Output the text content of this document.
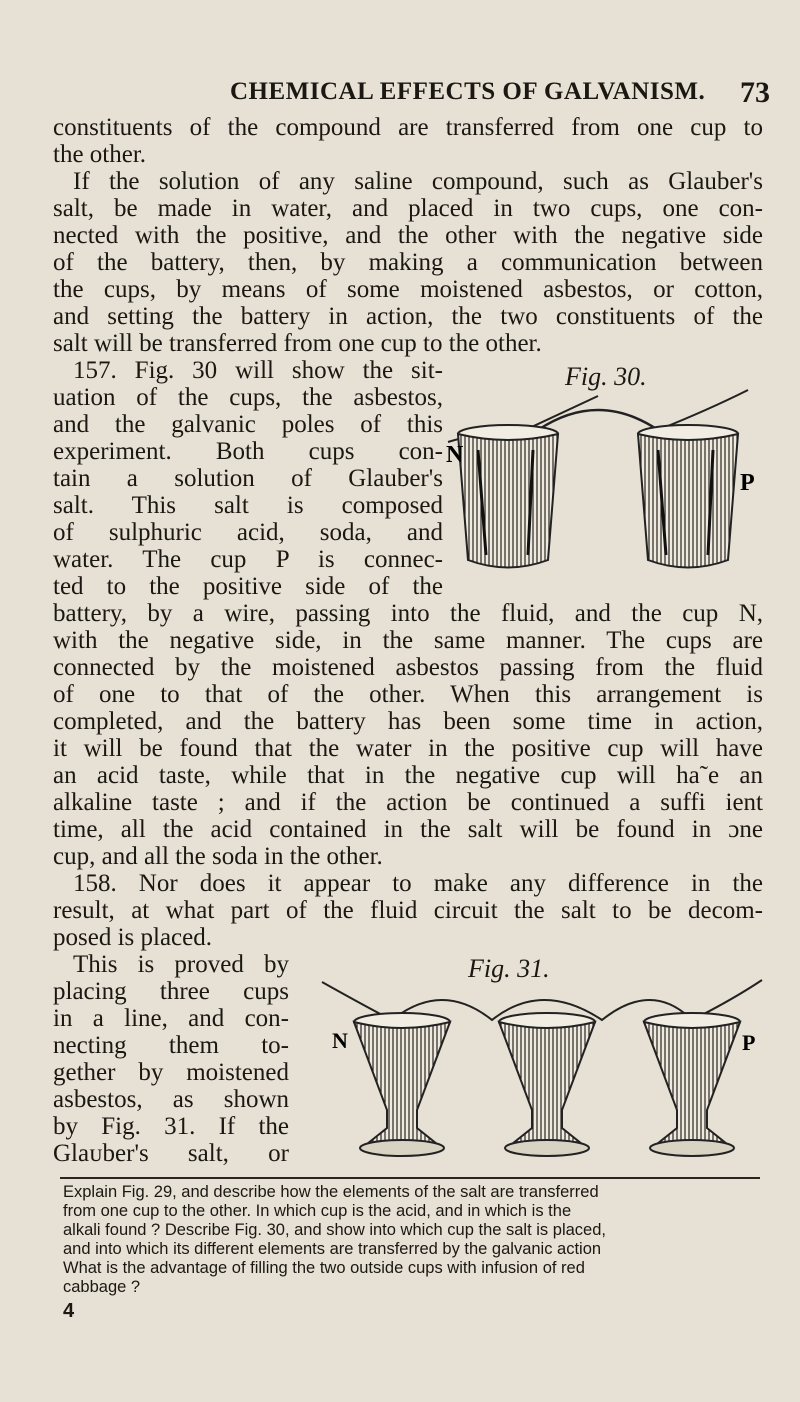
CHEMICAL EFFECTS OF GALVANISM. 73
constituents of the compound are transferred from one cup to
the other.
If the solution of any saline compound, such as Glauber's
salt, be made in water, and placed in two cups, one con-
nected with the positive, and the other with the negative side
of the battery, then, by making a communication between
the cups, by means of some moistened asbestos, or cotton,
and setting the battery in action, the two constituents of the
salt will be transferred from one cup to the other.
157. Fig. 30 will show the sit-
uation of the cups, the asbestos,
and the galvanic poles of this
experiment. Both cups con-
tain a solution of Glauber's
salt. This salt is composed
of sulphuric acid, soda, and
water. The cup P is connec-
ted to the positive side of the
Fig. 30.
N
P
battery, by a wire, passing into the fluid, and the cup N,
with the negative side, in the same manner. The cups are
connected by the moistened asbestos passing from the fluid
of one to that of the other. When this arrangement is
completed, and the battery has been some time in action,
it will be found that the water in the positive cup will have
an acid taste, while that in the negative cup will ha˜e an
alkaline taste ; and if the action be continued a suffi ient
time, all the acid contained in the salt will be found in ɔne
cup, and all the soda in the other.
158. Nor does it appear to make any difference in the
result, at what part of the fluid circuit the salt to be decom-
posed is placed.
This is proved by
placing three cups
in a line, and con-
necting them to-
gether by moistened
asbestos, as shown
by Fig. 31. If the
Glaᴜber's salt, or
Fig. 31.
N	P
Explain Fig. 29, and describe how the elements of the salt are transferred
from one cup to the other. In which cup is the acid, and in which is the
alkali found ? Describe Fig. 30, and show into which cup the salt is placed,
and into which its different elements are transferred by the galvanic action
What is the advantage of filling the two outside cups with infusion of red
cabbage ?
4
